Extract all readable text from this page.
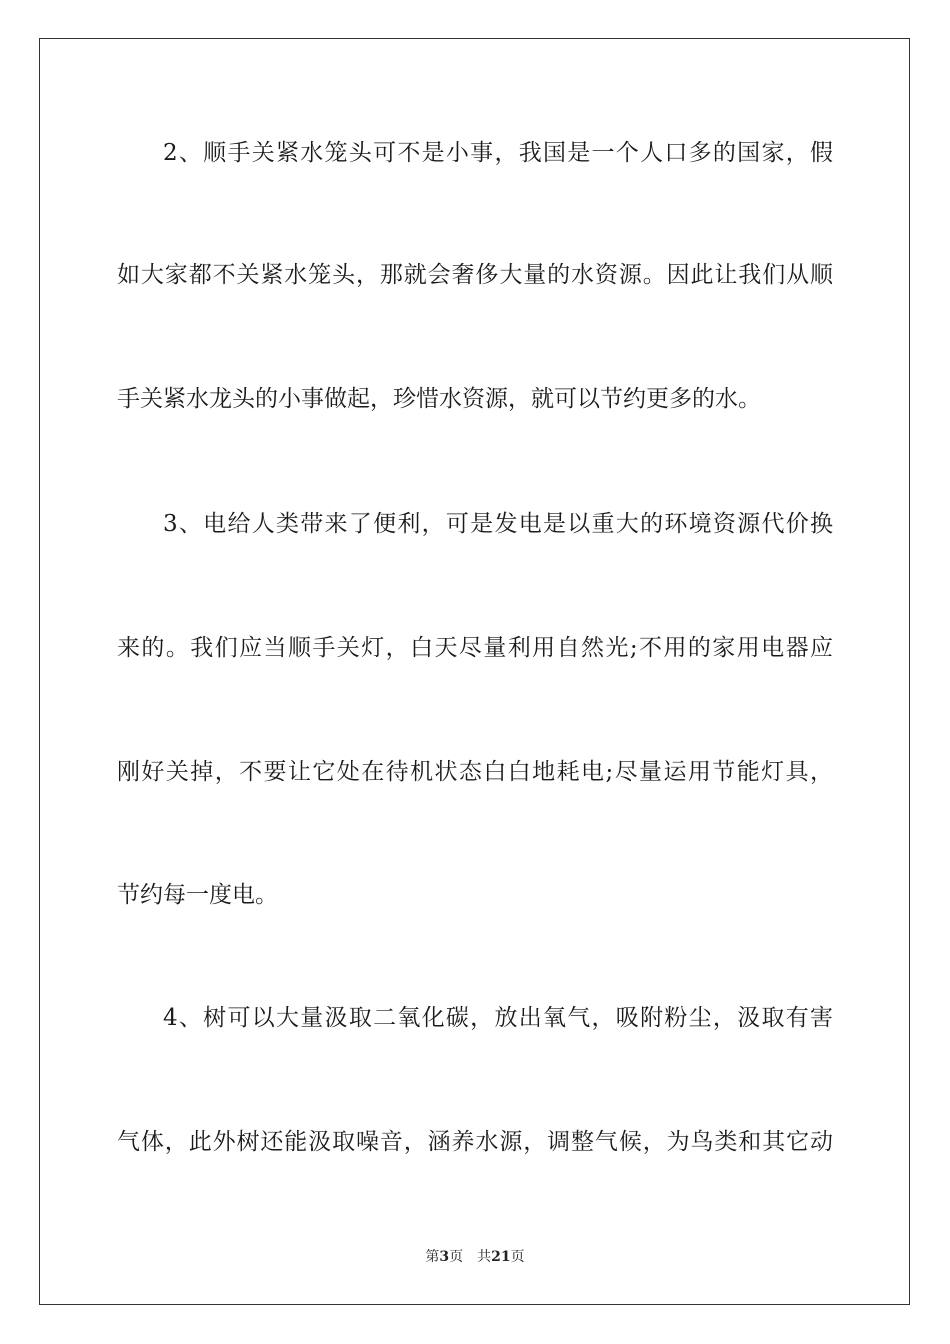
2、顺手关紧水笼头可不是小事，我国是一个人口多的国家，假
如大家都不关紧水笼头，那就会奢侈大量的水资源。因此让我们从顺
手关紧水龙头的小事做起，珍惜水资源，就可以节约更多的水。
3、电给人类带来了便利，可是发电是以重大的环境资源代价换
来的。我们应当顺手关灯，白天尽量利用自然光;不用的家用电器应
刚好关掉，不要让它处在待机状态白白地耗电;尽量运用节能灯具，
节约每一度电。
4、树可以大量汲取二氧化碳，放出氧气，吸附粉尘，汲取有害
气体，此外树还能汲取噪音，涵养水源，调整气候，为鸟类和其它动
第3页 共21页
